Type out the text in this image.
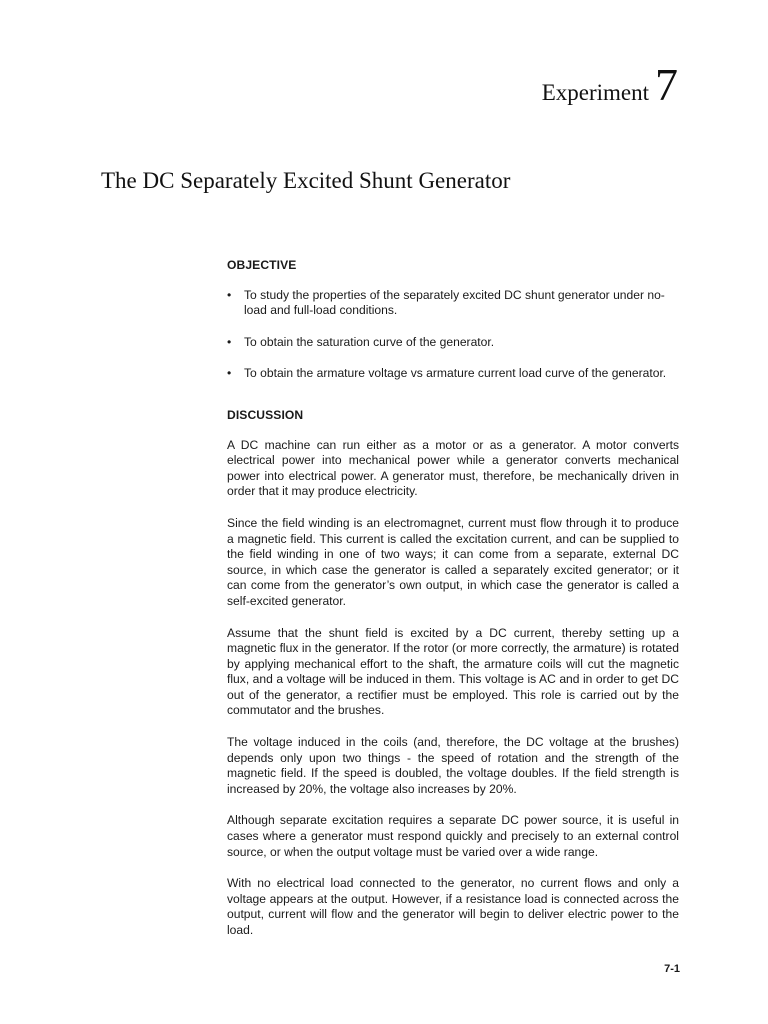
Experiment 7
The DC Separately Excited Shunt Generator
OBJECTIVE
• To study the properties of the separately excited DC shunt generator under no-load and full-load conditions.
• To obtain the saturation curve of the generator.
• To obtain the armature voltage vs armature current load curve of the generator.
DISCUSSION

A DC machine can run either as a motor or as a generator. A motor converts electrical power into mechanical power while a generator converts mechanical power into electrical power. A generator must, therefore, be mechanically driven in order that it may produce electricity.

Since the field winding is an electromagnet, current must flow through it to produce a magnetic field. This current is called the excitation current, and can be supplied to the field winding in one of two ways; it can come from a separate, external DC source, in which case the generator is called a separately excited generator; or it can come from the generator’s own output, in which case the generator is called a self-excited generator.

Assume that the shunt field is excited by a DC current, thereby setting up a magnetic flux in the generator. If the rotor (or more correctly, the armature) is rotated by applying mechanical effort to the shaft, the armature coils will cut the magnetic flux, and a voltage will be induced in them. This voltage is AC and in order to get DC out of the generator, a rectifier must be employed. This role is carried out by the commutator and the brushes.

The voltage induced in the coils (and, therefore, the DC voltage at the brushes) depends only upon two things - the speed of rotation and the strength of the magnetic field. If the speed is doubled, the voltage doubles. If the field strength is increased by 20%, the voltage also increases by 20%.

Although separate excitation requires a separate DC power source, it is useful in cases where a generator must respond quickly and precisely to an external control source, or when the output voltage must be varied over a wide range.

With no electrical load connected to the generator, no current flows and only a voltage appears at the output. However, if a resistance load is connected across the output, current will flow and the generator will begin to deliver electric power to the load.

7-1
